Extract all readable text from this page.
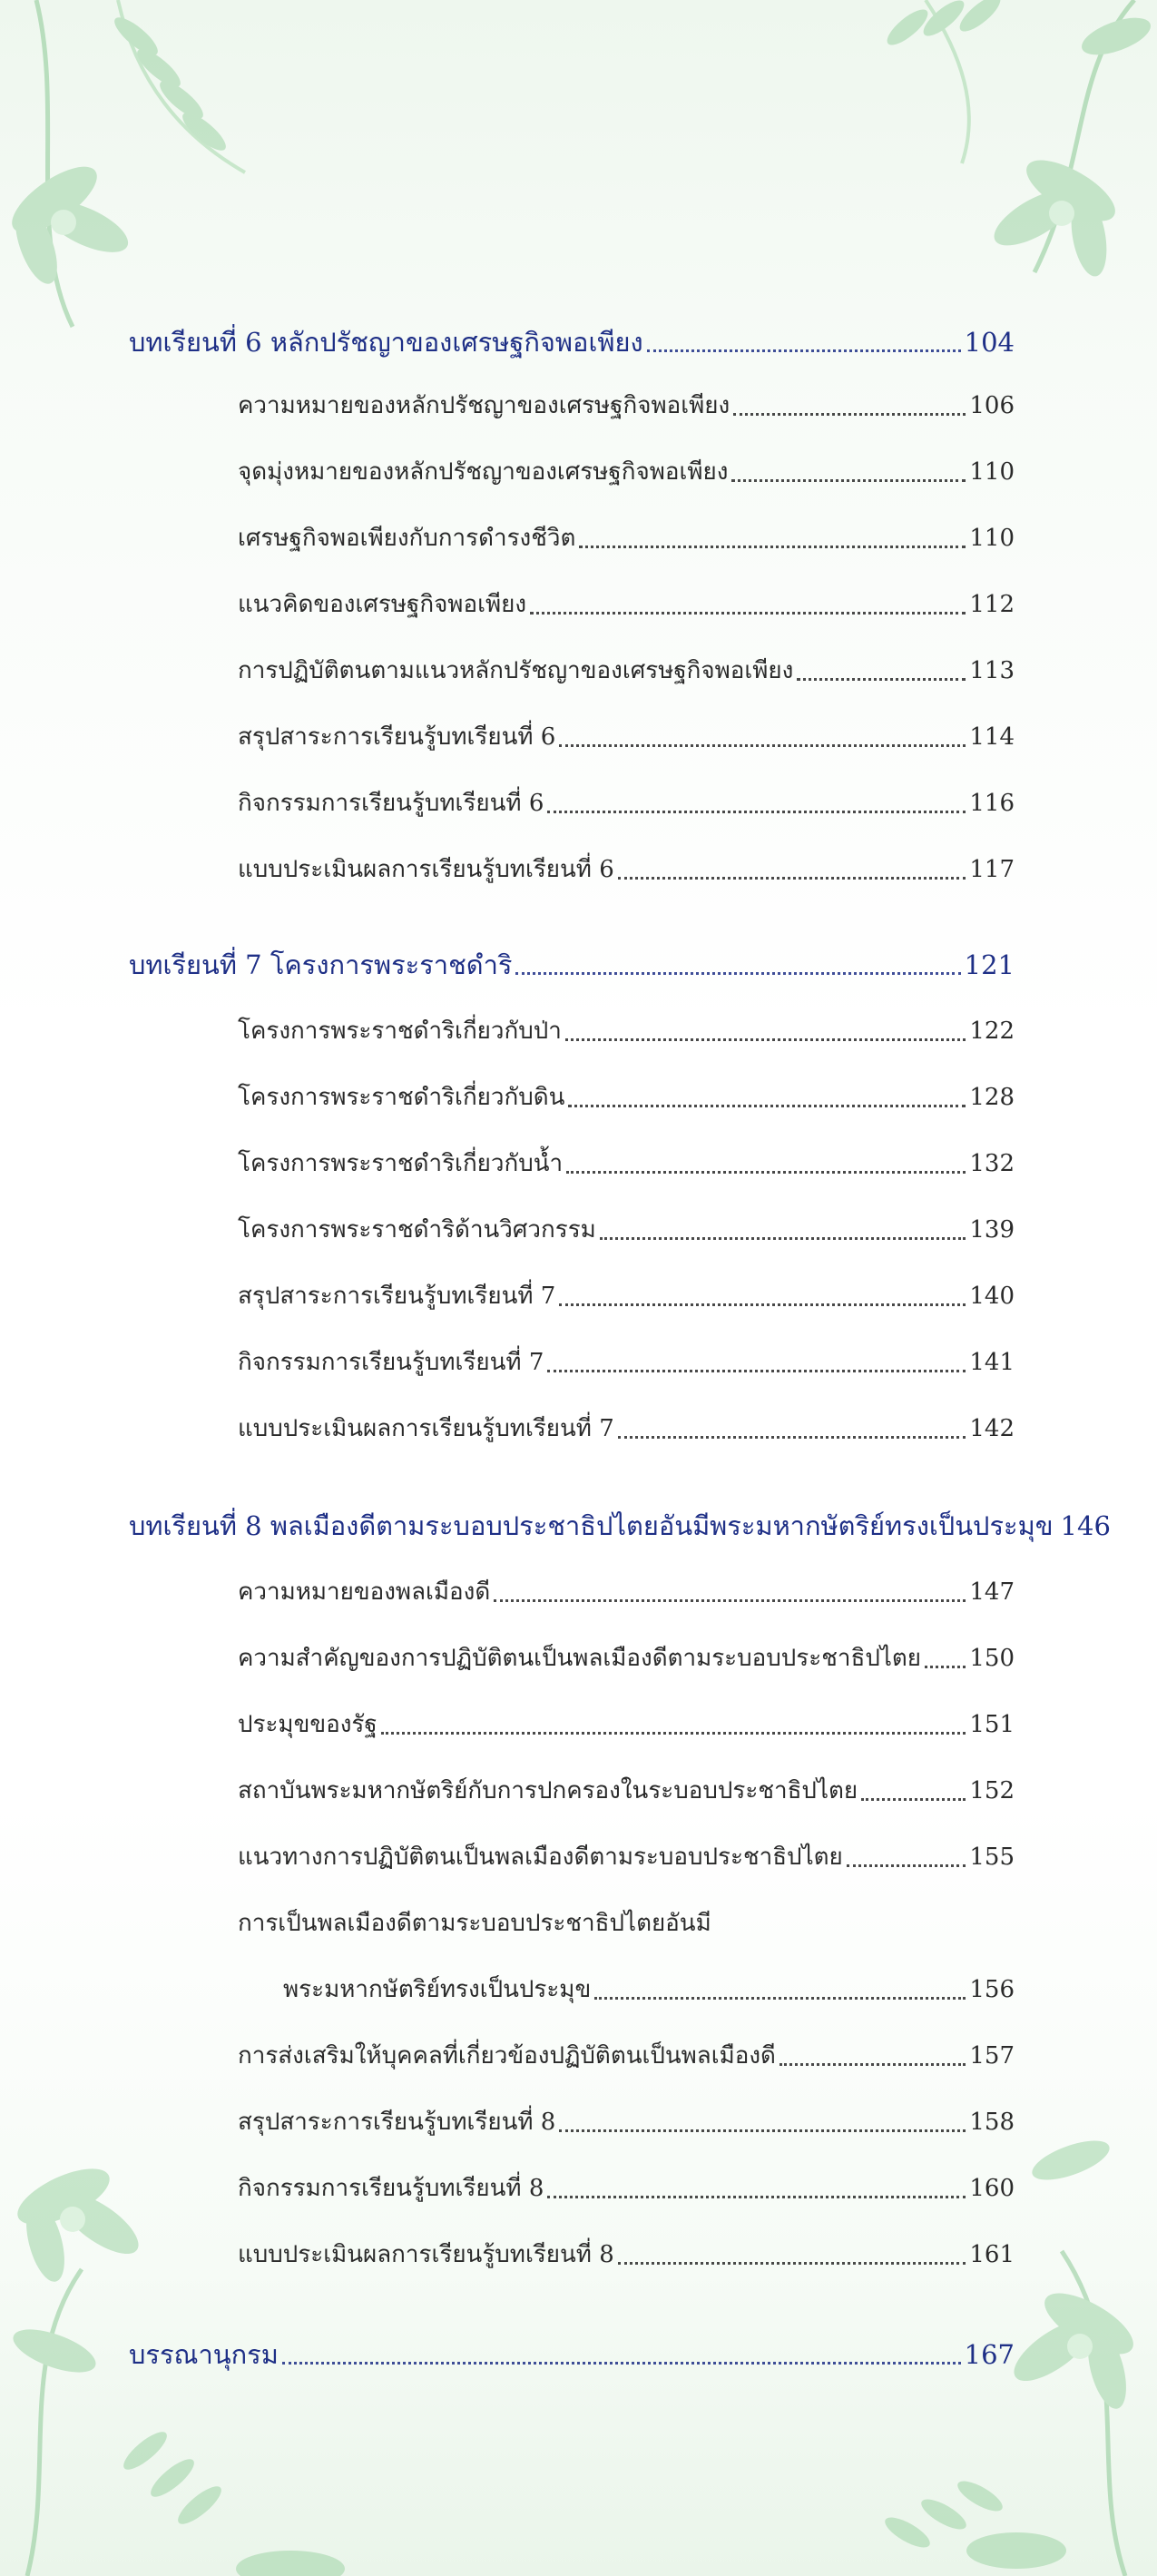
บทเรียนที่ 6 หลักปรัชญาของเศรษฐกิจพอเพียง	104
ความหมายของหลักปรัชญาของเศรษฐกิจพอเพียง	106
จุดมุ่งหมายของหลักปรัชญาของเศรษฐกิจพอเพียง	110
เศรษฐกิจพอเพียงกับการดำรงชีวิต	110
แนวคิดของเศรษฐกิจพอเพียง	112
การปฏิบัติตนตามแนวหลักปรัชญาของเศรษฐกิจพอเพียง	113
สรุปสาระการเรียนรู้บทเรียนที่ 6	114
กิจกรรมการเรียนรู้บทเรียนที่ 6	116
แบบประเมินผลการเรียนรู้บทเรียนที่ 6	117
บทเรียนที่ 7 โครงการพระราชดำริ	121
โครงการพระราชดำริเกี่ยวกับป่า	122
โครงการพระราชดำริเกี่ยวกับดิน	128
โครงการพระราชดำริเกี่ยวกับน้ำ	132
โครงการพระราชดำริด้านวิศวกรรม	139
สรุปสาระการเรียนรู้บทเรียนที่ 7	140
กิจกรรมการเรียนรู้บทเรียนที่ 7	141
แบบประเมินผลการเรียนรู้บทเรียนที่ 7	142
บทเรียนที่ 8 พลเมืองดีตามระบอบประชาธิปไตยอันมีพระมหากษัตริย์ทรงเป็นประมุข 146
ความหมายของพลเมืองดี	147
ความสำคัญของการปฏิบัติตนเป็นพลเมืองดีตามระบอบประชาธิปไตย 150
ประมุขของรัฐ	151
สถาบันพระมหากษัตริย์กับการปกครองในระบอบประชาธิปไตย	152
แนวทางการปฏิบัติตนเป็นพลเมืองดีตามระบอบประชาธิปไตย	155
การเป็นพลเมืองดีตามระบอบประชาธิปไตยอันมี
พระมหากษัตริย์ทรงเป็นประมุข	156
การส่งเสริมให้บุคคลที่เกี่ยวข้องปฏิบัติตนเป็นพลเมืองดี	157
สรุปสาระการเรียนรู้บทเรียนที่ 8	158
กิจกรรมการเรียนรู้บทเรียนที่ 8	160
แบบประเมินผลการเรียนรู้บทเรียนที่ 8	161
บรรณานุกรม	167
